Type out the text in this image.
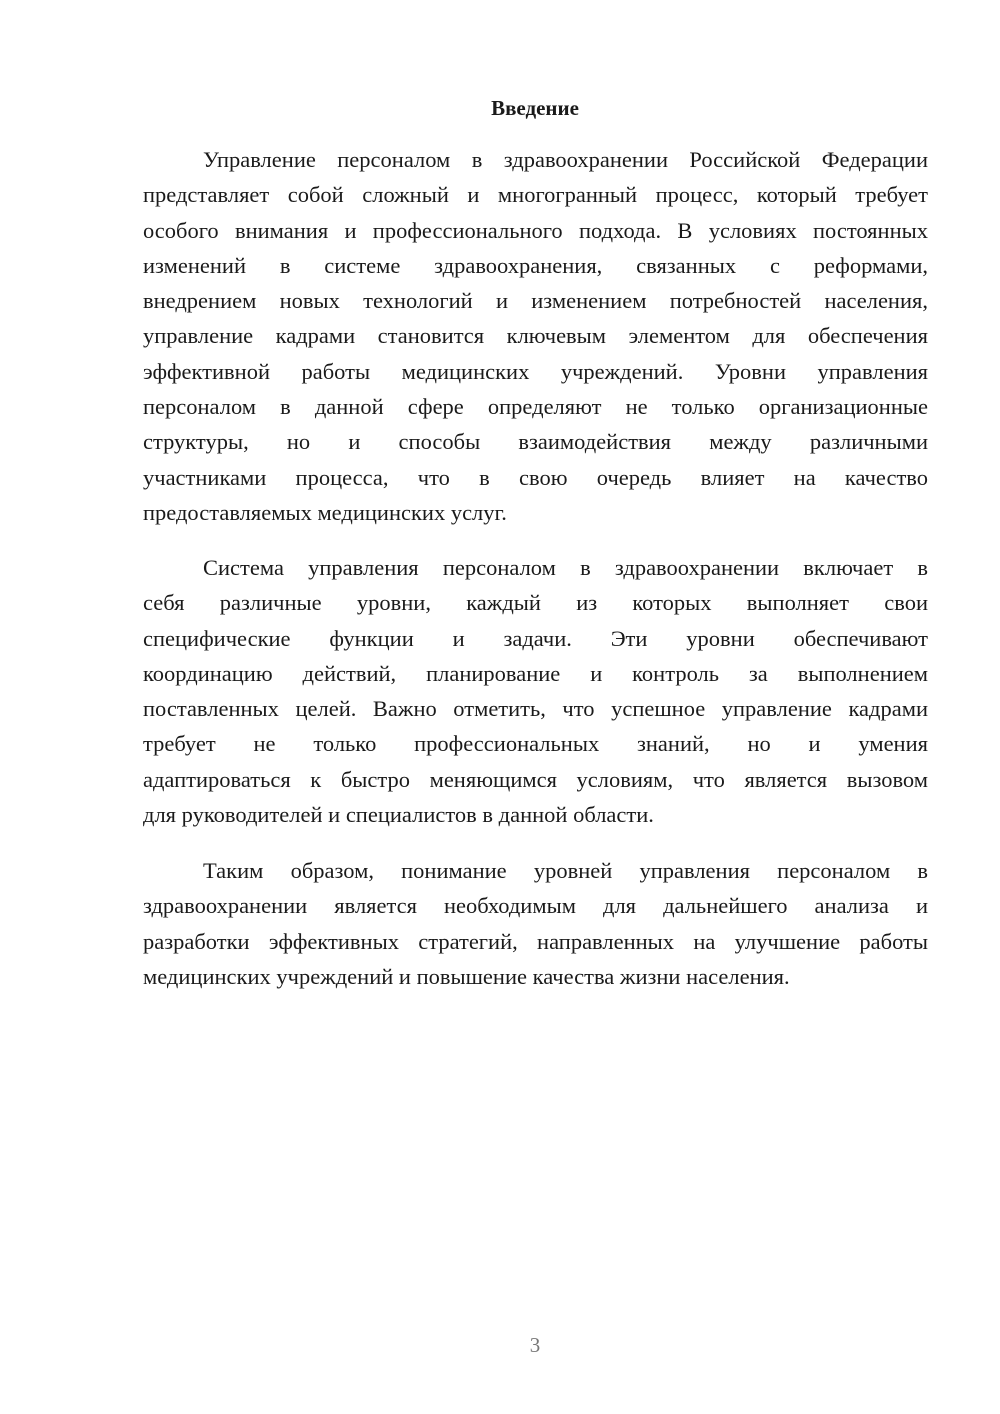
Введение
Управление персоналом в здравоохранении Российской Федерации
представляет собой сложный и многогранный процесс, который требует
особого внимания и профессионального подхода. В условиях постоянных
изменений в системе здравоохранения, связанных с реформами,
внедрением новых технологий и изменением потребностей населения,
управление кадрами становится ключевым элементом для обеспечения
эффективной работы медицинских учреждений. Уровни управления
персоналом в данной сфере определяют не только организационные
структуры, но и способы взаимодействия между различными
участниками процесса, что в свою очередь влияет на качество
предоставляемых медицинских услуг.
Система управления персоналом в здравоохранении включает в
себя различные уровни, каждый из которых выполняет свои
специфические функции и задачи. Эти уровни обеспечивают
координацию действий, планирование и контроль за выполнением
поставленных целей. Важно отметить, что успешное управление кадрами
требует не только профессиональных знаний, но и умения
адаптироваться к быстро меняющимся условиям, что является вызовом
для руководителей и специалистов в данной области.
Таким образом, понимание уровней управления персоналом в
здравоохранении является необходимым для дальнейшего анализа и
разработки эффективных стратегий, направленных на улучшение работы
медицинских учреждений и повышение качества жизни населения.
3
